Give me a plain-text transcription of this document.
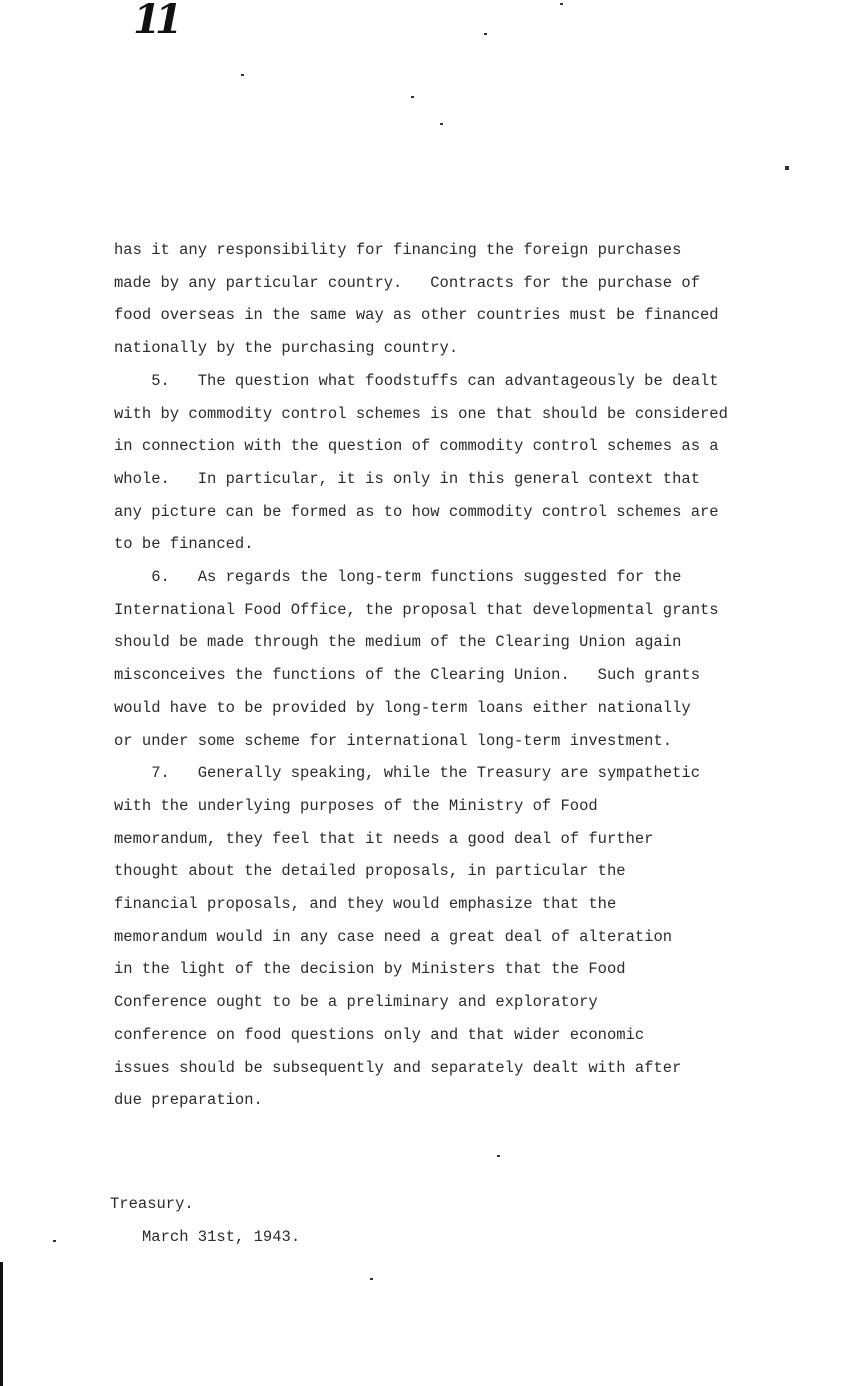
11

has it any responsibility for financing the foreign purchases

made by any particular country.   Contracts for the purchase of

food overseas in the same way as other countries must be financed

nationally by the purchasing country.

5.   The question what foodstuffs can advantageously be dealt

with by commodity control schemes is one that should be considered

in connection with the question of commodity control schemes as a

whole.   In particular, it is only in this general context that

any picture can be formed as to how commodity control schemes are

to be financed.

6.   As regards the long-term functions suggested for the

International Food Office, the proposal that developmental grants

should be made through the medium of the Clearing Union again

misconceives the functions of the Clearing Union.   Such grants

would have to be provided by long-term loans either nationally

or under some scheme for international long-term investment.

7.   Generally speaking, while the Treasury are sympathetic

with the underlying purposes of the Ministry of Food

memorandum, they feel that it needs a good deal of further

thought about the detailed proposals, in particular the

financial proposals, and they would emphasize that the

memorandum would in any case need a great deal of alteration

in the light of the decision by Ministers that the Food

Conference ought to be a preliminary and exploratory

conference on food questions only and that wider economic

issues should be subsequently and separately dealt with after

due preparation.

Treasury.
March 31st, 1943.
